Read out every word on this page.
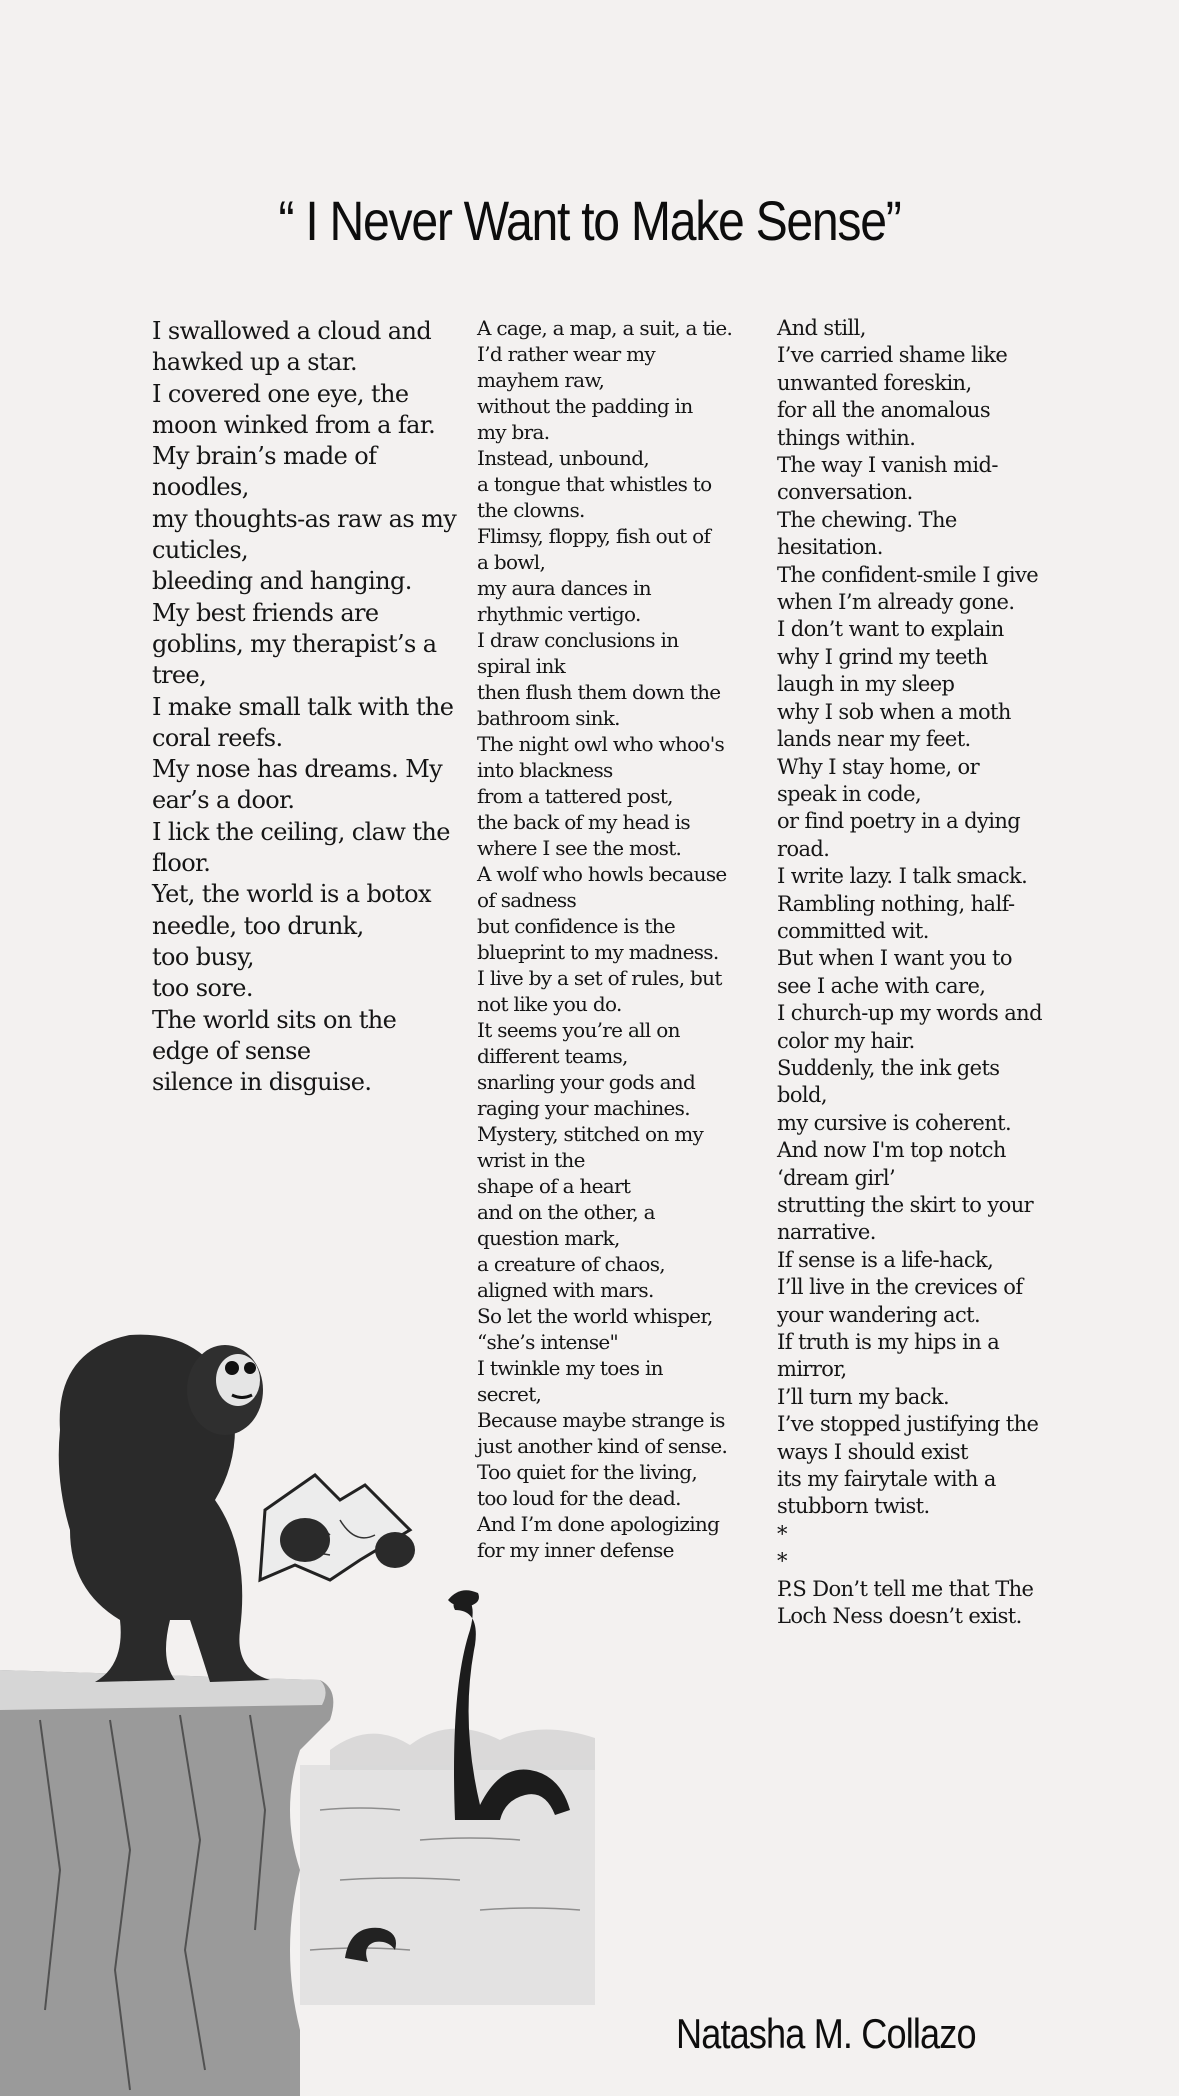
“ I Never Want to Make Sense”
I swallowed a cloud and
hawked up a star.
I covered one eye, the
moon winked from a far.
My brain’s made of
noodles,
my thoughts-as raw as my
cuticles,
bleeding and hanging.
My best friends are
goblins, my therapist’s a
tree,
I make small talk with the
coral reefs.
My nose has dreams. My
ear’s a door.
I lick the ceiling, claw the
floor.
Yet, the world is a botox
needle, too drunk,
too busy,
too sore.
The world sits on the
edge of sense
silence in disguise.
A cage, a map, a suit, a tie.
I’d rather wear my
mayhem raw,
without the padding in
my bra.
Instead, unbound,
a tongue that whistles to
the clowns.
Flimsy, floppy, fish out of
a bowl,
my aura dances in
rhythmic vertigo.
I draw conclusions in
spiral ink
then flush them down the
bathroom sink.
The night owl who whoo's
into blackness
from a tattered post,
the back of my head is
where I see the most.
A wolf who howls because
of sadness
but confidence is the
blueprint to my madness.
I live by a set of rules, but
not like you do.
It seems you’re all on
different teams,
snarling your gods and
raging your machines.
Mystery, stitched on my
wrist in the
shape of a heart
and on the other, a
question mark,
a creature of chaos,
aligned with mars.
So let the world whisper,
“she’s intense"
I twinkle my toes in
secret,
Because maybe strange is
just another kind of sense.
Too quiet for the living,
too loud for the dead.
And I’m done apologizing
for my inner defense
And still,
I’ve carried shame like
unwanted foreskin,
for all the anomalous
things within.
The way I vanish mid-
conversation.
The chewing. The
hesitation.
The confident-smile I give
when I’m already gone.
I don’t want to explain
why I grind my teeth
laugh in my sleep
why I sob when a moth
lands near my feet.
Why I stay home, or
speak in code,
or find poetry in a dying
road.
I write lazy. I talk smack.
Rambling nothing, half-
committed wit.
But when I want you to
see I ache with care,
I church-up my words and
color my hair.
Suddenly, the ink gets
bold,
my cursive is coherent.
And now I'm top notch
‘dream girl’
strutting the skirt to your
narrative.
If sense is a life-hack,
I’ll live in the crevices of
your wandering act.
If truth is my hips in a
mirror,
I’ll turn my back.
I’ve stopped justifying the
ways I should exist
its my fairytale with a
stubborn twist.
*
*
P.S Don’t tell me that The
Loch Ness doesn’t exist.
Natasha M. Collazo
